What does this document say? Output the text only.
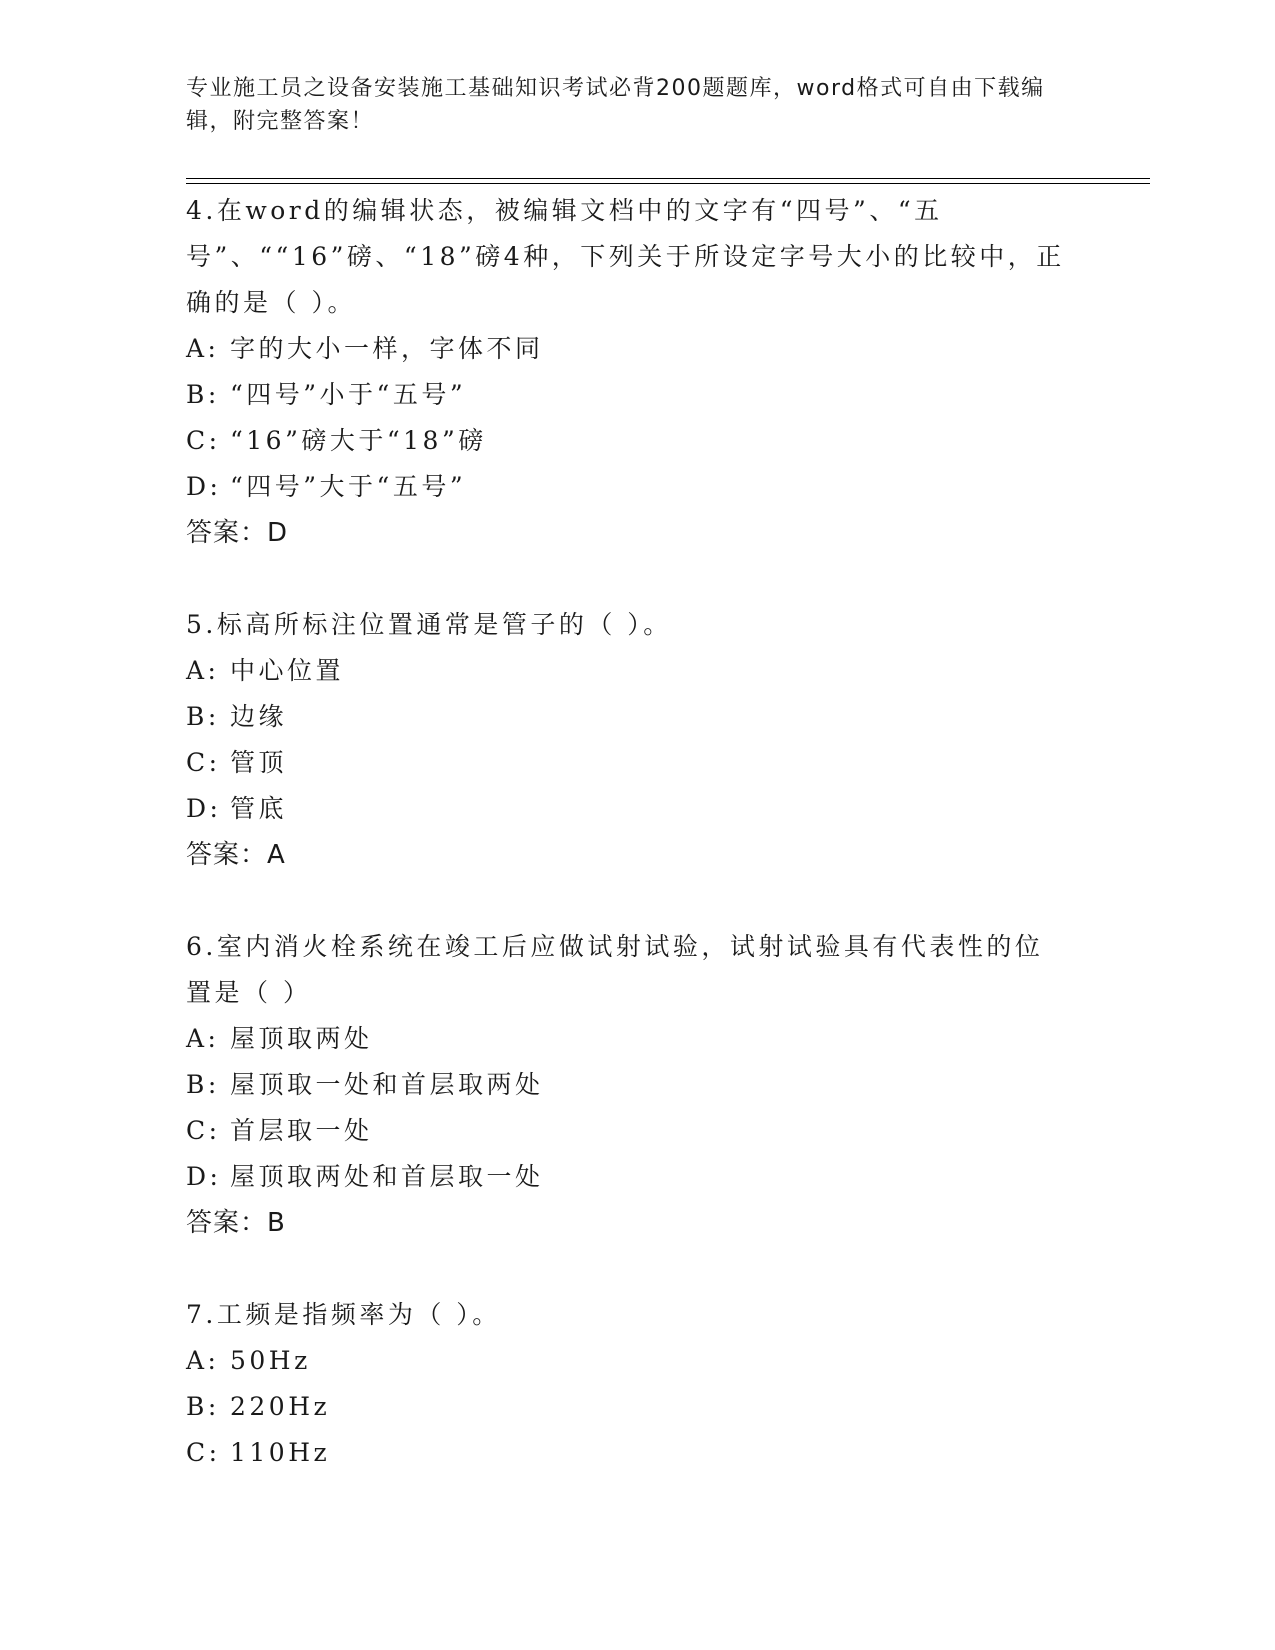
专业施工员之设备安装施工基础知识考试必背200题题库，word格式可自由下载编辑，附完整答案！
4.在word的编辑状态，被编辑文档中的文字有“四号”、“五号”、““16”磅、“18”磅4种，下列关于所设定字号大小的比较中，正确的是（ ）。
A: 字的大小一样，字体不同
B: “四号”小于“五号”
C: “16”磅大于“18”磅
D: “四号”大于“五号”
答案：D
5.标高所标注位置通常是管子的（ ）。
A: 中心位置
B: 边缘
C: 管顶
D: 管底
答案：A
6.室内消火栓系统在竣工后应做试射试验，试射试验具有代表性的位置是（ ）
A: 屋顶取两处
B: 屋顶取一处和首层取两处
C: 首层取一处
D: 屋顶取两处和首层取一处
答案：B
7.工频是指频率为（ ）。
A: 50Hz
B: 220Hz
C: 110Hz
